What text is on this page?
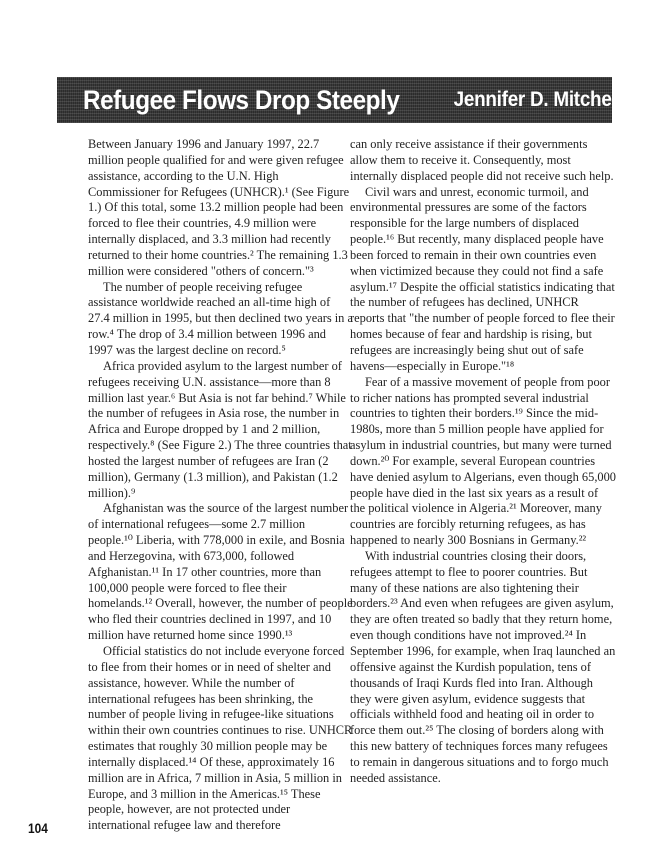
Refugee Flows Drop Steeply	Jennifer D. Mitchell

Between January 1996 and January 1997, 22.7 million people qualified for and were given refugee assistance, according to the U.N. High Commissioner for Refugees (UNHCR).¹ (See Figure 1.) Of this total, some 13.2 million people had been forced to flee their countries, 4.9 million were internally displaced, and 3.3 million had recently returned to their home countries.² The remaining 1.3 million were considered "others of concern."³

The number of people receiving refugee assistance worldwide reached an all-time high of 27.4 million in 1995, but then declined two years in a row.⁴ The drop of 3.4 million between 1996 and 1997 was the largest decline on record.⁵

Africa provided asylum to the largest number of refugees receiving U.N. assistance—more than 8 million last year.⁶ But Asia is not far behind.⁷ While the number of refugees in Asia rose, the number in Africa and Europe dropped by 1 and 2 million, respectively.⁸ (See Figure 2.) The three countries that hosted the largest number of refugees are Iran (2 million), Germany (1.3 million), and Pakistan (1.2 million).⁹

Afghanistan was the source of the largest number of international refugees—some 2.7 million people.¹⁰ Liberia, with 778,000 in exile, and Bosnia and Herzegovina, with 673,000, followed Afghanistan.¹¹ In 17 other countries, more than 100,000 people were forced to flee their homelands.¹² Overall, however, the number of people who fled their countries declined in 1997, and 10 million have returned home since 1990.¹³

Official statistics do not include everyone forced to flee from their homes or in need of shelter and assistance, however. While the number of international refugees has been shrinking, the number of people living in refugee-like situations within their own countries continues to rise. UNHCR estimates that roughly 30 million people may be internally displaced.¹⁴ Of these, approximately 16 million are in Africa, 7 million in Asia, 5 million in Europe, and 3 million in the Americas.¹⁵ These people, however, are not protected under international refugee law and therefore

can only receive assistance if their governments allow them to receive it. Consequently, most internally displaced people did not receive such help.

Civil wars and unrest, economic turmoil, and environmental pressures are some of the factors responsible for the large numbers of displaced people.¹⁶ But recently, many displaced people have been forced to remain in their own countries even when victimized because they could not find a safe asylum.¹⁷ Despite the official statistics indicating that the number of refugees has declined, UNHCR reports that "the number of people forced to flee their homes because of fear and hardship is rising, but refugees are increasingly being shut out of safe havens—especially in Europe."¹⁸

Fear of a massive movement of people from poor to richer nations has prompted several industrial countries to tighten their borders.¹⁹ Since the mid-1980s, more than 5 million people have applied for asylum in industrial countries, but many were turned down.²⁰ For example, several European countries have denied asylum to Algerians, even though 65,000 people have died in the last six years as a result of the political violence in Algeria.²¹ Moreover, many countries are forcibly returning refugees, as has happened to nearly 300 Bosnians in Germany.²²

With industrial countries closing their doors, refugees attempt to flee to poorer countries. But many of these nations are also tightening their borders.²³ And even when refugees are given asylum, they are often treated so badly that they return home, even though conditions have not improved.²⁴ In September 1996, for example, when Iraq launched an offensive against the Kurdish population, tens of thousands of Iraqi Kurds fled into Iran. Although they were given asylum, evidence suggests that officials withheld food and heating oil in order to force them out.²⁵ The closing of borders along with this new battery of techniques forces many refugees to remain in dangerous situations and to forgo much needed assistance.

104
